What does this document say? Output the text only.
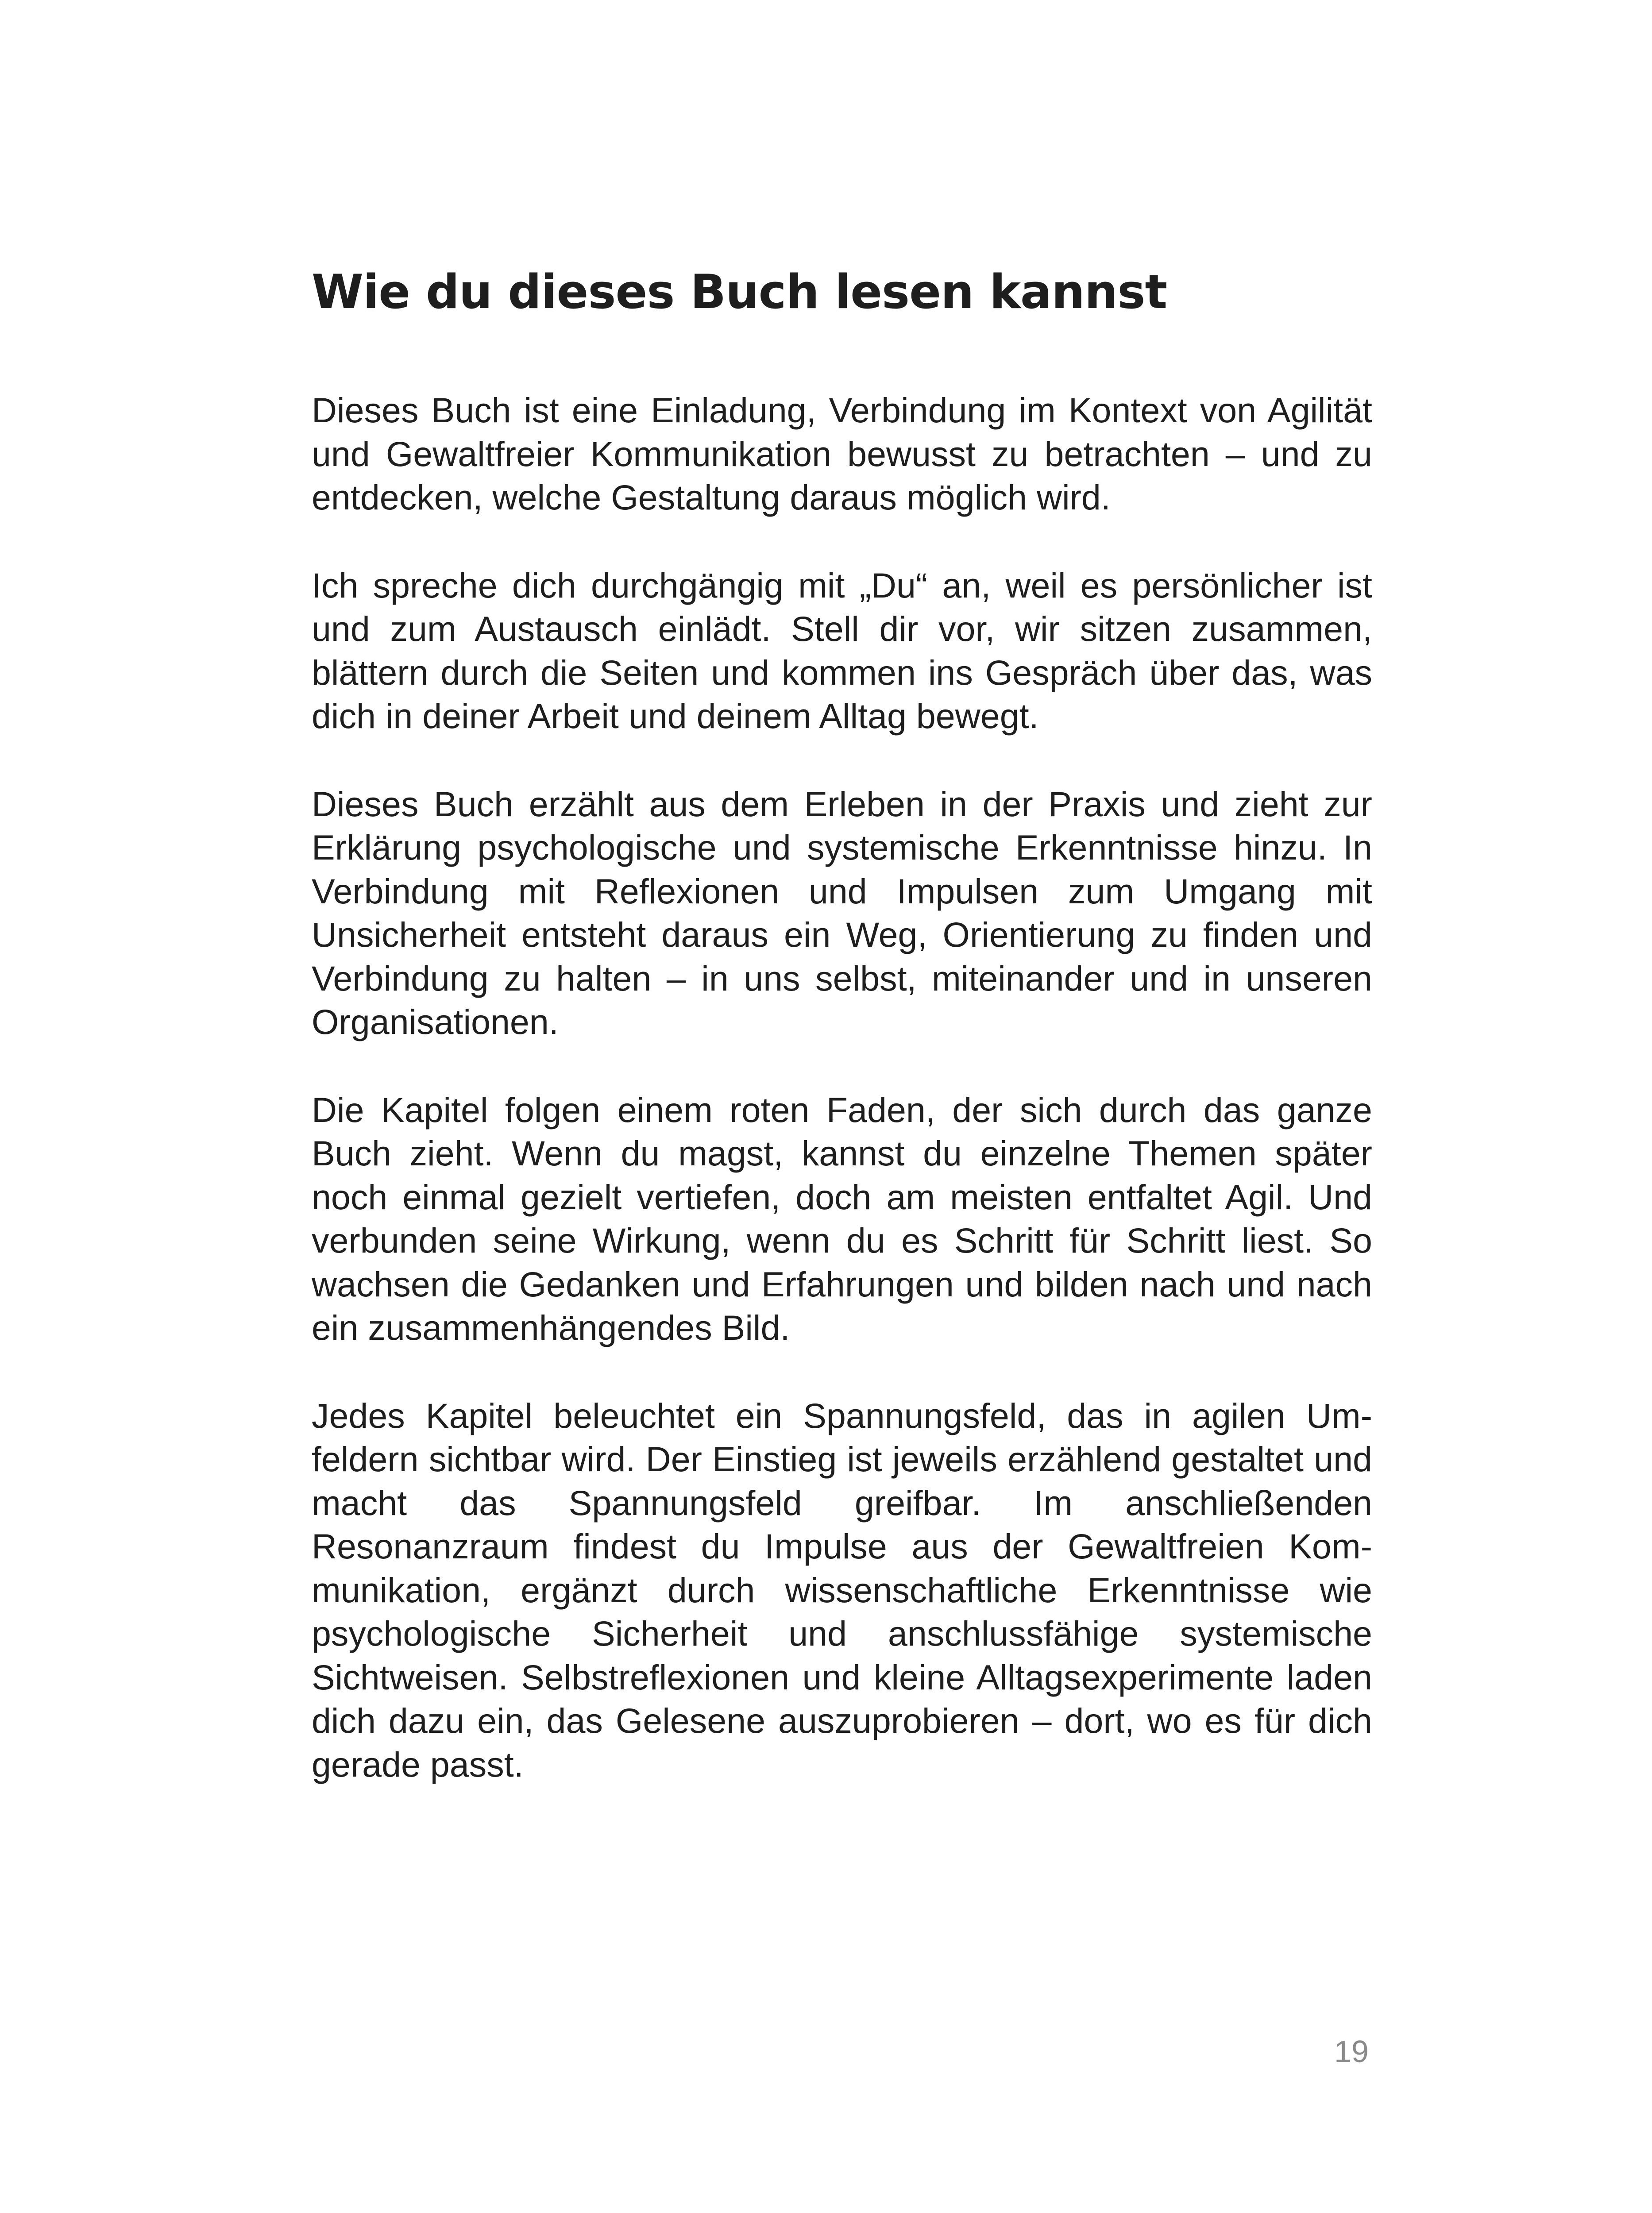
Wie du dieses Buch lesen kannst

Dieses Buch ist eine Einladung, Verbindung im Kontext von Agilität und Gewaltfreier Kommunikation bewusst zu betrachten – und zu entdecken, welche Gestaltung daraus möglich wird.

Ich spreche dich durchgängig mit „Du“ an, weil es persönlicher ist und zum Austausch einlädt. Stell dir vor, wir sitzen zusammen, blättern durch die Seiten und kommen ins Gespräch über das, was dich in deiner Arbeit und deinem Alltag bewegt.

Dieses Buch erzählt aus dem Erleben in der Praxis und zieht zur Erklärung psychologische und systemische Erkenntnisse hinzu. In Verbindung mit Reflexionen und Impulsen zum Umgang mit Unsicherheit entsteht daraus ein Weg, Orientierung zu finden und Verbindung zu halten – in uns selbst, miteinander und in unseren Organisationen.

Die Kapitel folgen einem roten Faden, der sich durch das ganze Buch zieht. Wenn du magst, kannst du einzelne Themen später noch einmal gezielt vertiefen, doch am meisten entfaltet Agil. Und verbunden seine Wirkung, wenn du es Schritt für Schritt liest. So wachsen die Gedanken und Erfahrungen und bilden nach und nach ein zusammenhängendes Bild.

Jedes Kapitel beleuchtet ein Spannungsfeld, das in agilen Umfeldern sichtbar wird. Der Einstieg ist jeweils erzählend gestaltet und macht das Spannungsfeld greifbar. Im anschließenden Resonanzraum findest du Impulse aus der Gewaltfreien Kommunikation, ergänzt durch wissenschaftliche Erkenntnisse wie psychologische Sicherheit und anschlussfähige systemische Sichtweisen. Selbstreflexionen und kleine Alltagsexperimente laden dich dazu ein, das Gelesene auszuprobieren – dort, wo es für dich gerade passt.

19
